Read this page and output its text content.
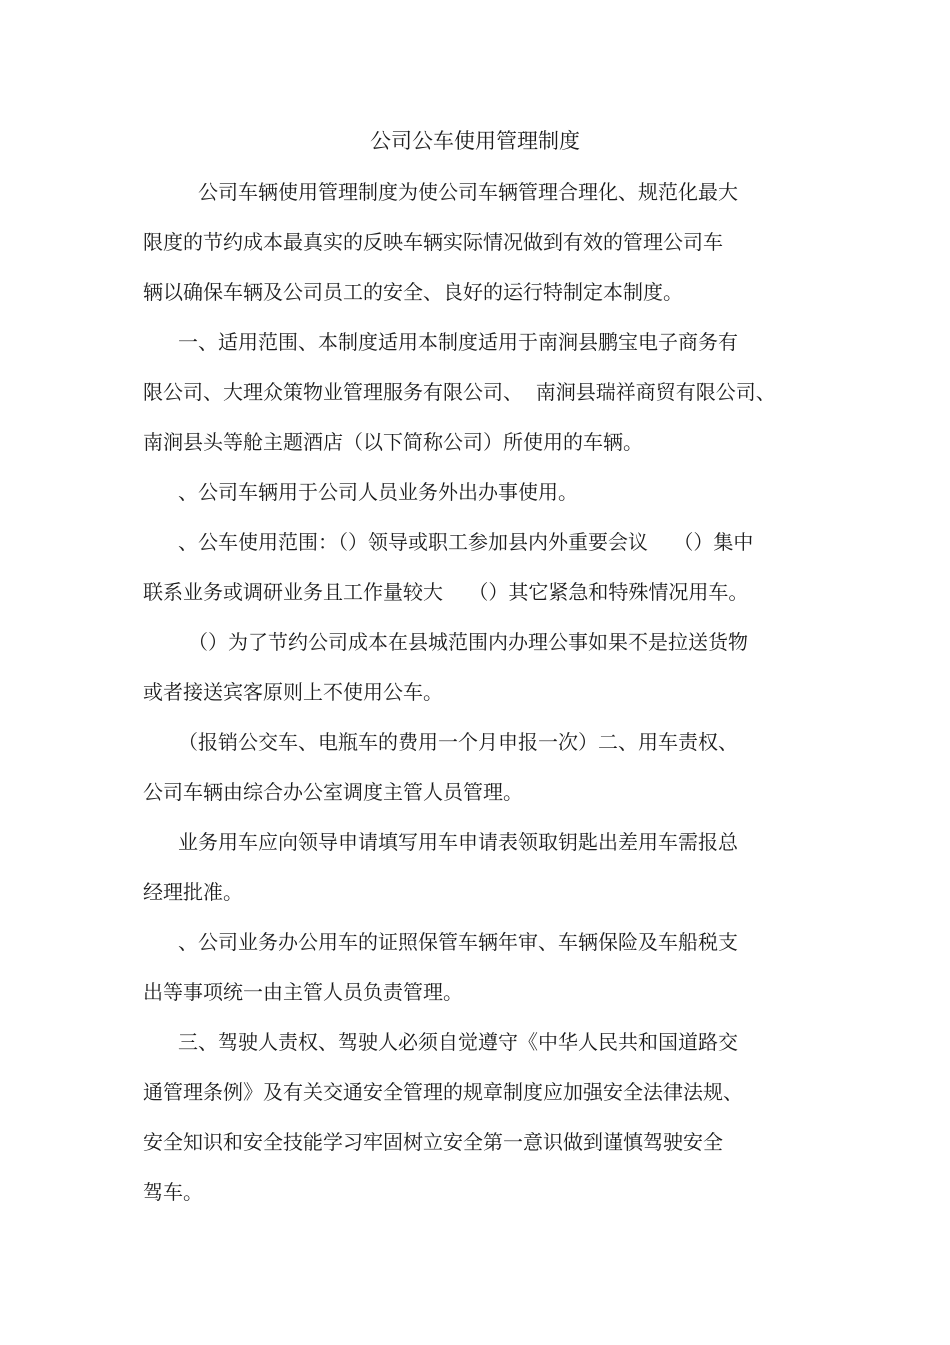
公司公车使用管理制度
公司车辆使用管理制度为使公司车辆管理合理化、规范化最大
限度的节约成本最真实的反映车辆实际情况做到有效的管理公司车
辆以确保车辆及公司员工的安全、良好的运行特制定本制度。
一、适用范围、本制度适用本制度适用于南涧县鹏宝电子商务有
限公司、大理众策物业管理服务有限公司、  南涧县瑞祥商贸有限公司、
南涧县头等舱主题酒店（以下简称公司）所使用的车辆。
、公司车辆用于公司人员业务外出办事使用。
、公车使用范围：（）领导或职工参加县内外重要会议    （）集中
联系业务或调研业务且工作量较大    （）其它紧急和特殊情况用车。
（）为了节约公司成本在县城范围内办理公事如果不是拉送货物
或者接送宾客原则上不使用公车。
（报销公交车、电瓶车的费用一个月申报一次）二、用车责权、
公司车辆由综合办公室调度主管人员管理。
业务用车应向领导申请填写用车申请表领取钥匙出差用车需报总
经理批准。
、公司业务办公用车的证照保管车辆年审、车辆保险及车船税支
出等事项统一由主管人员负责管理。
三、驾驶人责权、驾驶人必须自觉遵守《中华人民共和国道路交
通管理条例》及有关交通安全管理的规章制度应加强安全法律法规、
安全知识和安全技能学习牢固树立安全第一意识做到谨慎驾驶安全
驾车。
